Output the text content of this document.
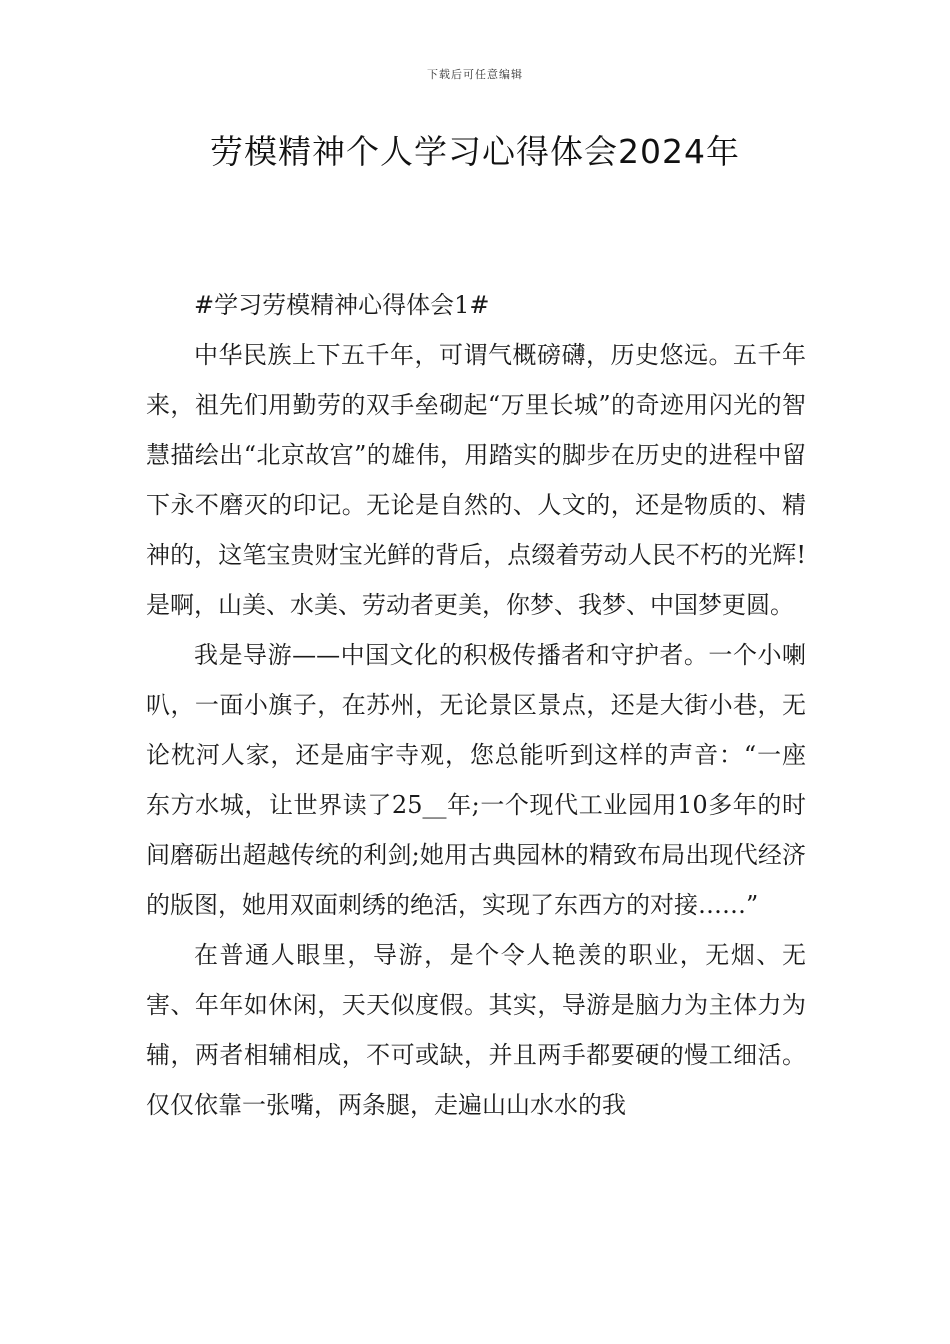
下载后可任意编辑
劳模精神个人学习心得体会2024年

#学习劳模精神心得体会1#

中华民族上下五千年，可谓气概磅礴，历史悠远。五千年来，祖先们用勤劳的双手垒砌起“万里长城”的奇迹用闪光的智慧描绘出“北京故宫”的雄伟，用踏实的脚步在历史的进程中留下永不磨灭的印记。无论是自然的、人文的，还是物质的、精神的，这笔宝贵财宝光鲜的背后，点缀着劳动人民不朽的光辉!是啊，山美、水美、劳动者更美，你梦、我梦、中国梦更圆。

我是导游——中国文化的积极传播者和守护者。一个小喇叭，一面小旗子，在苏州，无论景区景点，还是大街小巷，无论枕河人家，还是庙宇寺观，您总能听到这样的声音：“一座东方水城，让世界读了25__年;一个现代工业园用10多年的时间磨砺出超越传统的利剑;她用古典园林的精致布局出现代经济的版图，她用双面刺绣的绝活，实现了东西方的对接……”

在普通人眼里，导游，是个令人艳羡的职业，无烟、无害、年年如休闲，天天似度假。其实，导游是脑力为主体力为辅，两者相辅相成，不可或缺，并且两手都要硬的慢工细活。仅仅依靠一张嘴，两条腿，走遍山山水水的我
